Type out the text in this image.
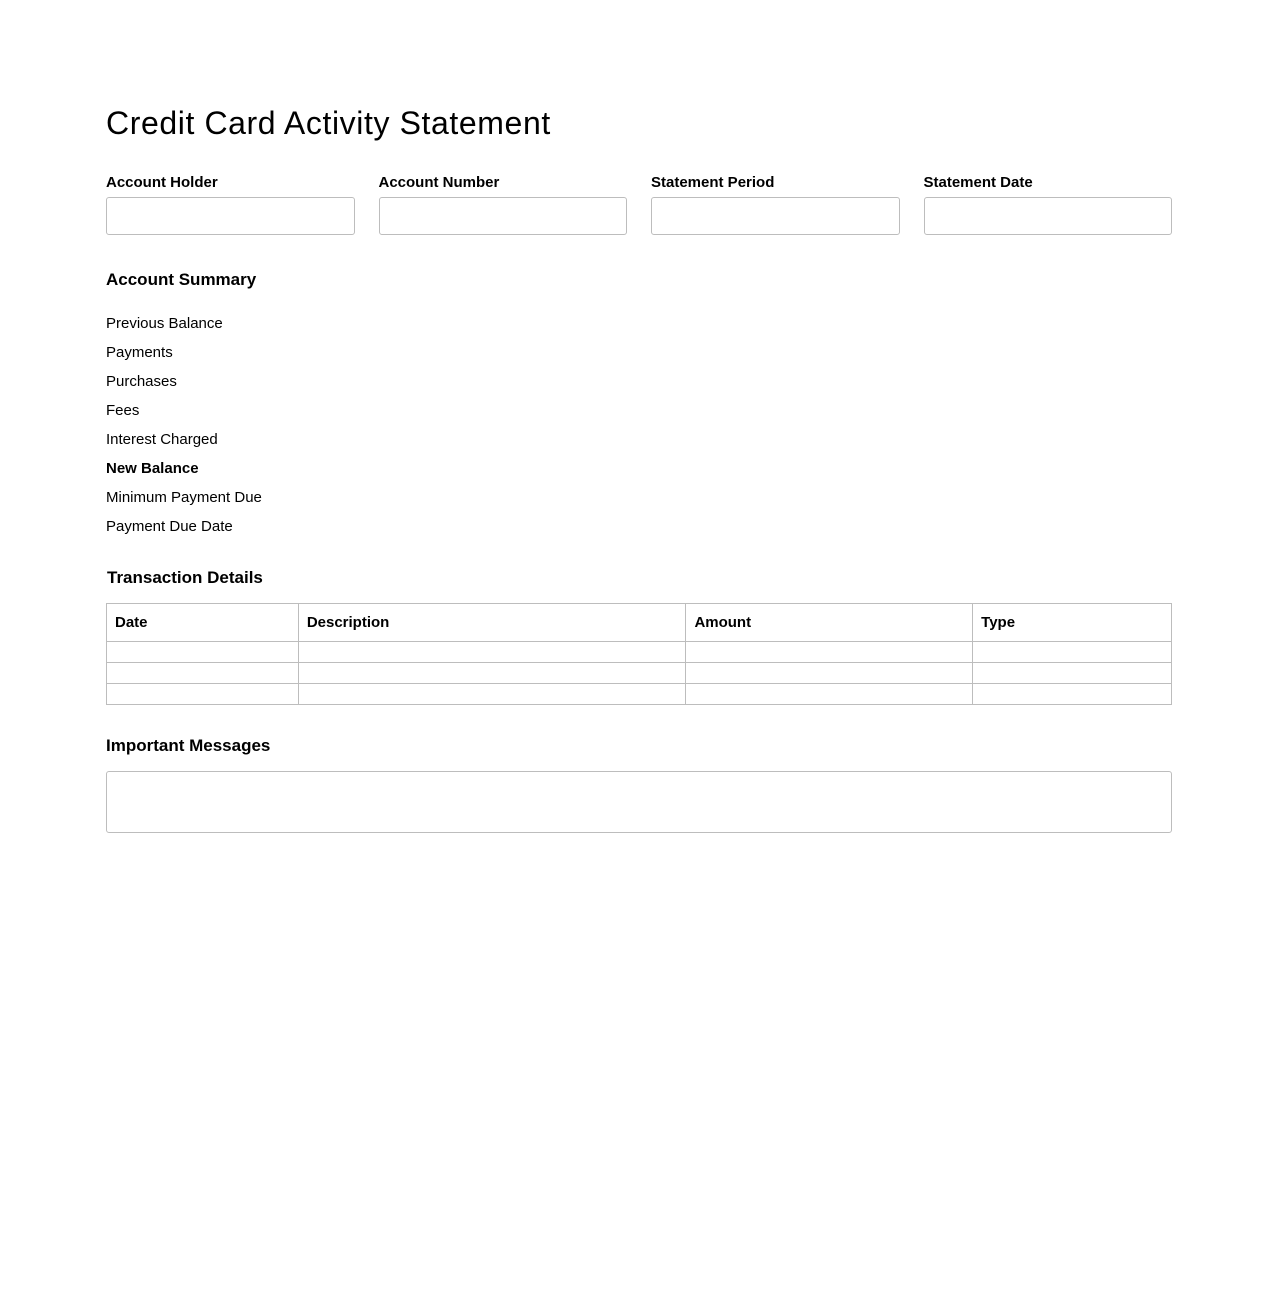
Credit Card Activity Statement
Account Holder	Account Number	Statement Period	Statement Date
Account Summary
Previous Balance
Payments
Purchases
Fees
Interest Charged
New Balance
Minimum Payment Due
Payment Due Date
Transaction Details
Date	Description	Amount	Type

Important Messages
